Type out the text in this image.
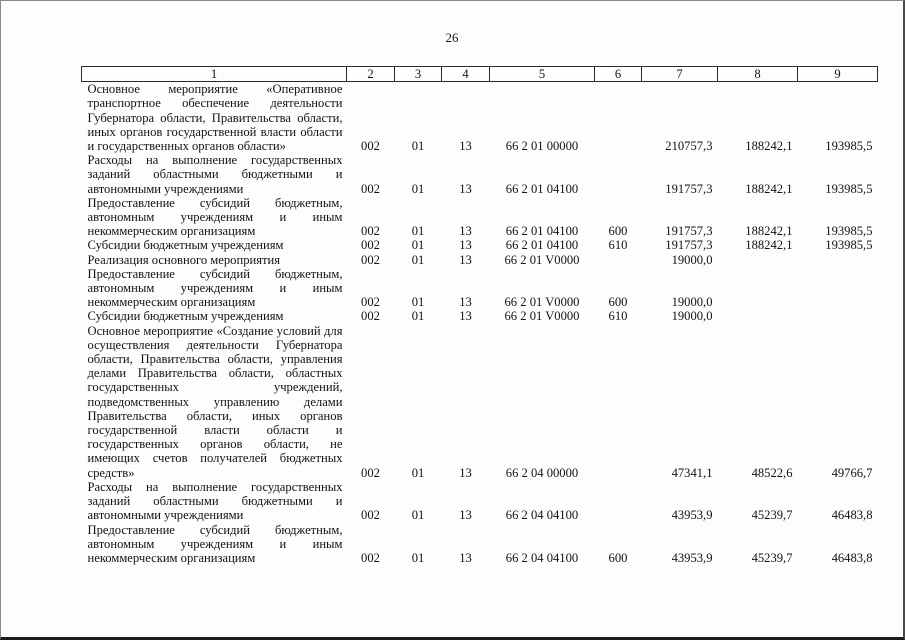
26
1	2	3	4	5	6	7	8	9
Основное мероприятие «Оперативное транспортное обеспечение деятельности Губернатора области, Правительства области, иных органов государственной власти области и государственных органов области»	002	01	13	66 2 01 00000		210757,3	188242,1	193985,5
Расходы на выполнение государственных заданий областными бюджетными и автономными учреждениями	002	01	13	66 2 01 04100		191757,3	188242,1	193985,5
Предоставление субсидий бюджетным, автономным учреждениям и иным некоммерческим организациям	002	01	13	66 2 01 04100	600	191757,3	188242,1	193985,5
Субсидии бюджетным учреждениям	002	01	13	66 2 01 04100	610	191757,3	188242,1	193985,5
Реализация основного мероприятия	002	01	13	66 2 01 V0000		19000,0		
Предоставление субсидий бюджетным, автономным учреждениям и иным некоммерческим организациям	002	01	13	66 2 01 V0000	600	19000,0		
Субсидии бюджетным учреждениям	002	01	13	66 2 01 V0000	610	19000,0		
Основное мероприятие «Создание условий для осуществления деятельности Губернатора области, Правительства области, управления делами Правительства области, областных государственных учреждений, подведомственных управлению делами Правительства области, иных органов государственной власти области и государственных органов области, не имеющих счетов получателей бюджетных средств»	002	01	13	66 2 04 00000		47341,1	48522,6	49766,7
Расходы на выполнение государственных заданий областными бюджетными и автономными учреждениями	002	01	13	66 2 04 04100		43953,9	45239,7	46483,8
Предоставление субсидий бюджетным, автономным учреждениям и иным некоммерческим организациям	002	01	13	66 2 04 04100	600	43953,9	45239,7	46483,8
